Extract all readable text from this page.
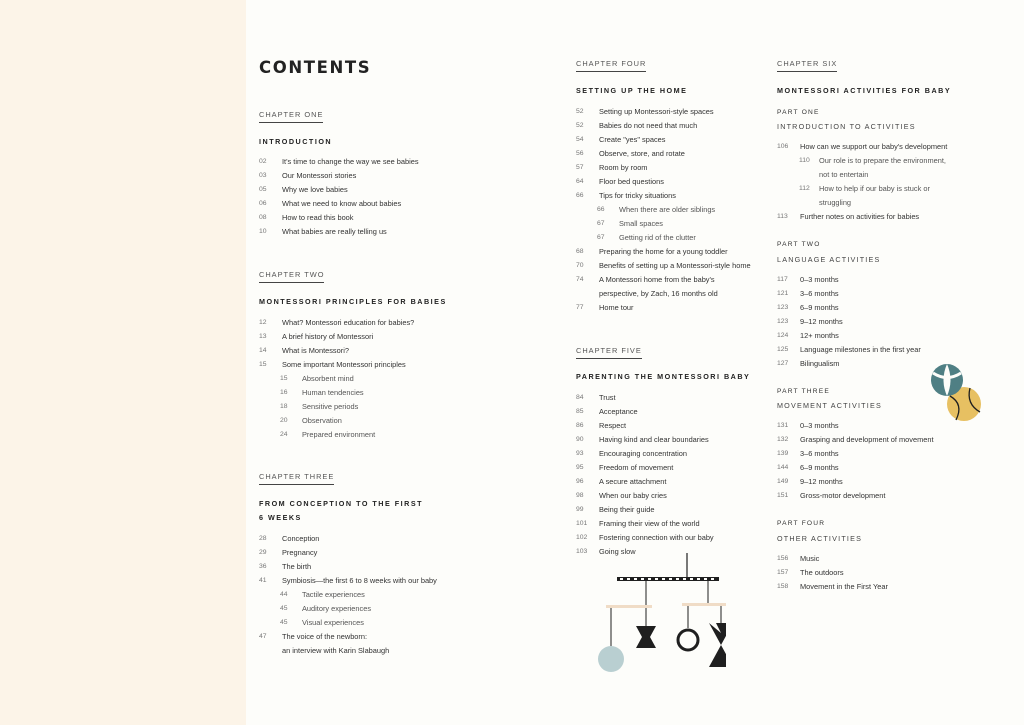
CONTENTS
CHAPTER ONE
INTRODUCTION
02 It's time to change the way we see babies
03 Our Montessori stories
05 Why we love babies
06 What we need to know about babies
08 How to read this book
10 What babies are really telling us
CHAPTER TWO
MONTESSORI PRINCIPLES FOR BABIES
12 What? Montessori education for babies?
13 A brief history of Montessori
14 What is Montessori?
15 Some important Montessori principles
15 Absorbent mind
16 Human tendencies
18 Sensitive periods
20 Observation
24 Prepared environment
CHAPTER THREE
FROM CONCEPTION TO THE FIRST
6 WEEKS
28 Conception
29 Pregnancy
36 The birth
41 Symbiosis—the first 6 to 8 weeks with our baby
44 Tactile experiences
45 Auditory experiences
45 Visual experiences
47 The voice of the newborn:
an interview with Karin Slabaugh
CHAPTER FOUR
SETTING UP THE HOME
52 Setting up Montessori-style spaces
52 Babies do not need that much
54 Create "yes" spaces
56 Observe, store, and rotate
57 Room by room
64 Floor bed questions
66 Tips for tricky situations
66 When there are older siblings
67 Small spaces
67 Getting rid of the clutter
68 Preparing the home for a young toddler
70 Benefits of setting up a Montessori-style home
74 A Montessori home from the baby's
perspective, by Zach, 16 months old
77 Home tour
CHAPTER FIVE
PARENTING THE MONTESSORI BABY
84 Trust
85 Acceptance
86 Respect
90 Having kind and clear boundaries
93 Encouraging concentration
95 Freedom of movement
96 A secure attachment
98 When our baby cries
99 Being their guide
101 Framing their view of the world
102 Fostering connection with our baby
103 Going slow
CHAPTER SIX
MONTESSORI ACTIVITIES FOR BABY
PART ONE
INTRODUCTION TO ACTIVITIES
106 How can we support our baby's development
110 Our role is to prepare the environment,
not to entertain
112 How to help if our baby is stuck or
struggling
113 Further notes on activities for babies
PART TWO
LANGUAGE ACTIVITIES
117 0–3 months
121 3–6 months
123 6–9 months
123 9–12 months
124 12+ months
125 Language milestones in the first year
127 Bilingualism
PART THREE
MOVEMENT ACTIVITIES
131 0–3 months
132 Grasping and development of movement
139 3–6 months
144 6–9 months
149 9–12 months
151 Gross-motor development
PART FOUR
OTHER ACTIVITIES
156 Music
157 The outdoors
158 Movement in the First Year
